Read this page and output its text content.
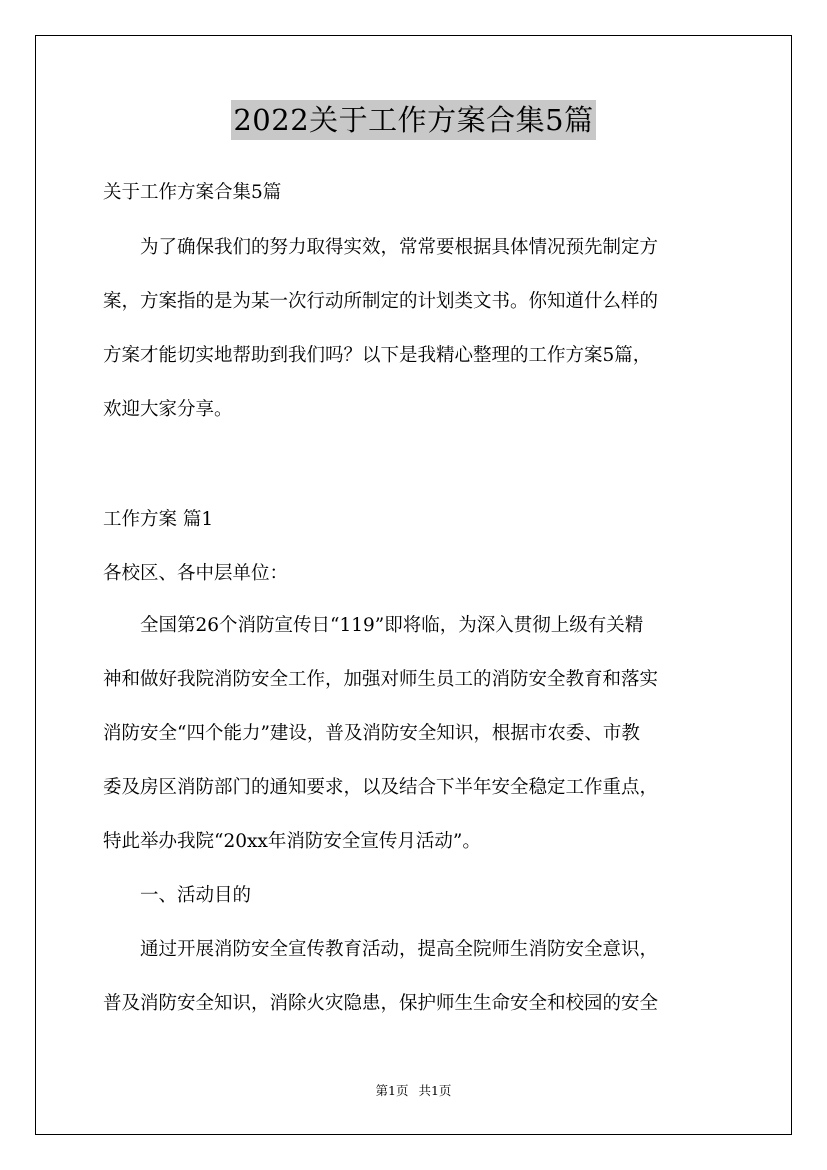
2022关于工作方案合集5篇

关于工作方案合集5篇

　　为了确保我们的努力取得实效，常常要根据具体情况预先制定方
案，方案指的是为某一次行动所制定的计划类文书。你知道什么样的
方案才能切实地帮助到我们吗？以下是我精心整理的工作方案5篇，
欢迎大家分享。

工作方案 篇1

各校区、各中层单位：

　　全国第26个消防宣传日“119”即将临，为深入贯彻上级有关精
神和做好我院消防安全工作，加强对师生员工的消防安全教育和落实
消防安全“四个能力”建设，普及消防安全知识，根据市农委、市教
委及房区消防部门的通知要求，以及结合下半年安全稳定工作重点，
特此举办我院“20xx年消防安全宣传月活动”。

　　一、活动目的

　　通过开展消防安全宣传教育活动，提高全院师生消防安全意识，
普及消防安全知识，消除火灾隐患，保护师生生命安全和校园的安全
第1页 共1页
